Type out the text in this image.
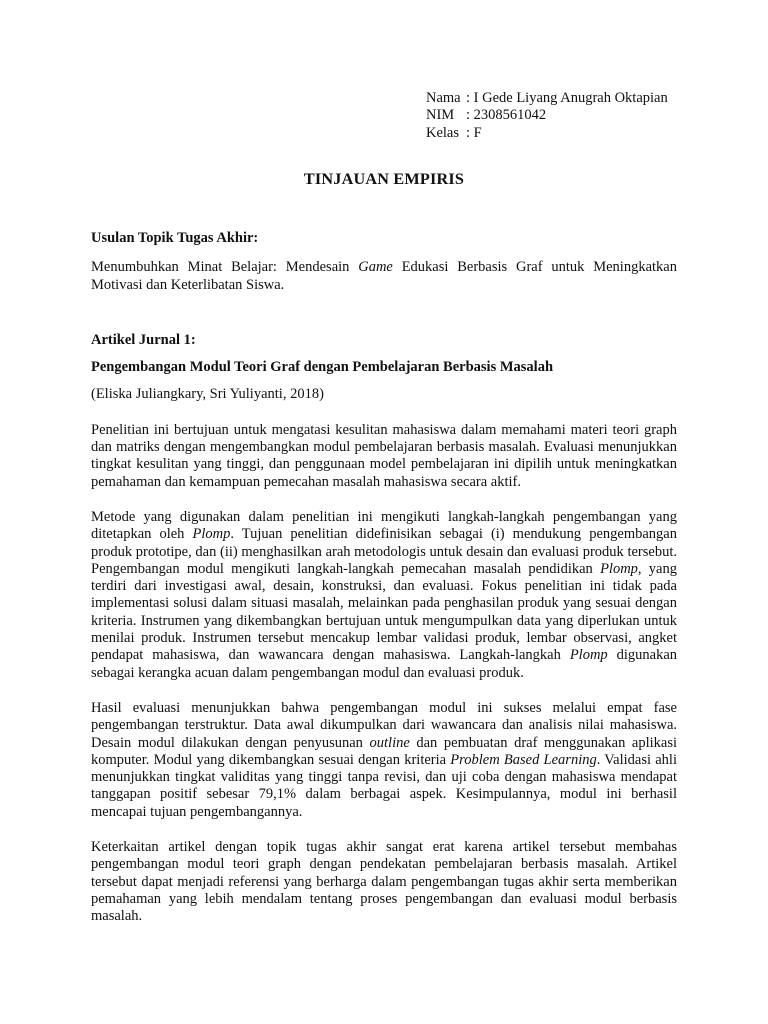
Nama : I Gede Liyang Anugrah Oktapian
NIM : 2308561042
Kelas : F
TINJAUAN EMPIRIS

Usulan Topik Tugas Akhir:

Menumbuhkan Minat Belajar: Mendesain Game Edukasi Berbasis Graf untuk Meningkatkan Motivasi dan Keterlibatan Siswa.

Artikel Jurnal 1:

Pengembangan Modul Teori Graf dengan Pembelajaran Berbasis Masalah

(Eliska Juliangkary, Sri Yuliyanti, 2018)

Penelitian ini bertujuan untuk mengatasi kesulitan mahasiswa dalam memahami materi teori graph dan matriks dengan mengembangkan modul pembelajaran berbasis masalah. Evaluasi menunjukkan tingkat kesulitan yang tinggi, dan penggunaan model pembelajaran ini dipilih untuk meningkatkan pemahaman dan kemampuan pemecahan masalah mahasiswa secara aktif.

Metode yang digunakan dalam penelitian ini mengikuti langkah-langkah pengembangan yang ditetapkan oleh Plomp. Tujuan penelitian didefinisikan sebagai (i) mendukung pengembangan produk prototipe, dan (ii) menghasilkan arah metodologis untuk desain dan evaluasi produk tersebut. Pengembangan modul mengikuti langkah-langkah pemecahan masalah pendidikan Plomp, yang terdiri dari investigasi awal, desain, konstruksi, dan evaluasi. Fokus penelitian ini tidak pada implementasi solusi dalam situasi masalah, melainkan pada penghasilan produk yang sesuai dengan kriteria. Instrumen yang dikembangkan bertujuan untuk mengumpulkan data yang diperlukan untuk menilai produk. Instrumen tersebut mencakup lembar validasi produk, lembar observasi, angket pendapat mahasiswa, dan wawancara dengan mahasiswa. Langkah-langkah Plomp digunakan sebagai kerangka acuan dalam pengembangan modul dan evaluasi produk.

Hasil evaluasi menunjukkan bahwa pengembangan modul ini sukses melalui empat fase pengembangan terstruktur. Data awal dikumpulkan dari wawancara dan analisis nilai mahasiswa. Desain modul dilakukan dengan penyusunan outline dan pembuatan draf menggunakan aplikasi komputer. Modul yang dikembangkan sesuai dengan kriteria Problem Based Learning. Validasi ahli menunjukkan tingkat validitas yang tinggi tanpa revisi, dan uji coba dengan mahasiswa mendapat tanggapan positif sebesar 79,1% dalam berbagai aspek. Kesimpulannya, modul ini berhasil mencapai tujuan pengembangannya.

Keterkaitan artikel dengan topik tugas akhir sangat erat karena artikel tersebut membahas pengembangan modul teori graph dengan pendekatan pembelajaran berbasis masalah. Artikel tersebut dapat menjadi referensi yang berharga dalam pengembangan tugas akhir serta memberikan pemahaman yang lebih mendalam tentang proses pengembangan dan evaluasi modul berbasis masalah.
